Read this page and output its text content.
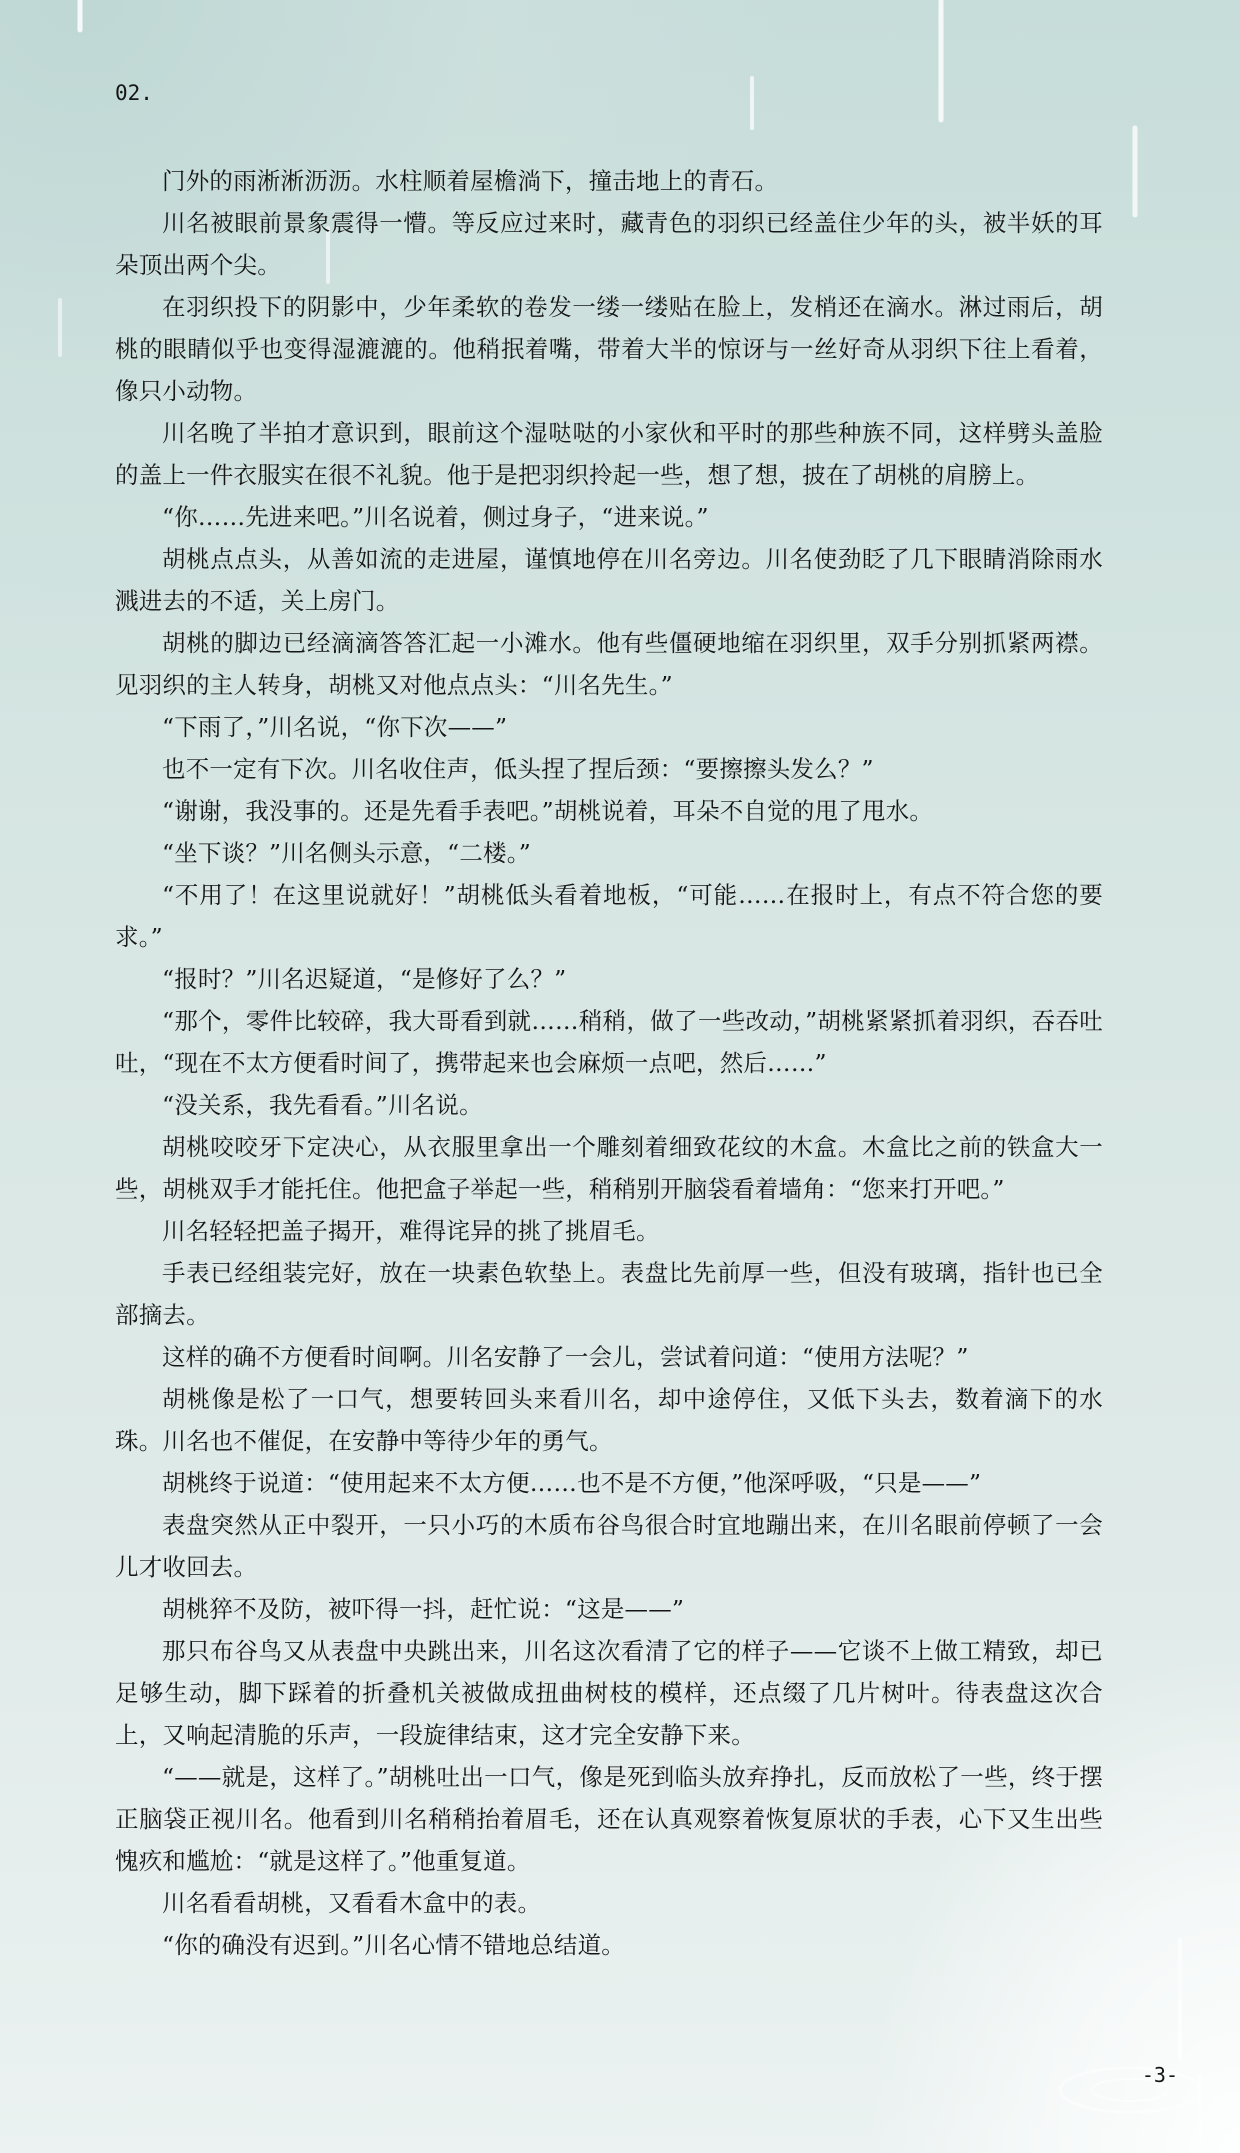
02.

门外的雨淅淅沥沥。水柱顺着屋檐淌下，撞击地上的青石。

川名被眼前景象震得一懵。等反应过来时，藏青色的羽织已经盖住少年的头，被半妖的耳朵顶出两个尖。

在羽织投下的阴影中，少年柔软的卷发一缕一缕贴在脸上，发梢还在滴水。淋过雨后，胡桃的眼睛似乎也变得湿漉漉的。他稍抿着嘴，带着大半的惊讶与一丝好奇从羽织下往上看着，像只小动物。

川名晚了半拍才意识到，眼前这个湿哒哒的小家伙和平时的那些种族不同，这样劈头盖脸的盖上一件衣服实在很不礼貌。他于是把羽织拎起一些，想了想，披在了胡桃的肩膀上。

“你……先进来吧。”川名说着，侧过身子，“进来说。”

胡桃点点头，从善如流的走进屋，谨慎地停在川名旁边。川名使劲眨了几下眼睛消除雨水溅进去的不适，关上房门。

胡桃的脚边已经滴滴答答汇起一小滩水。他有些僵硬地缩在羽织里，双手分别抓紧两襟。见羽织的主人转身，胡桃又对他点点头：“川名先生。”

“下雨了，”川名说，“你下次——”

也不一定有下次。川名收住声，低头捏了捏后颈：“要擦擦头发么？”

“谢谢，我没事的。还是先看手表吧。”胡桃说着，耳朵不自觉的甩了甩水。

“坐下谈？”川名侧头示意，“二楼。”

“不用了！在这里说就好！”胡桃低头看着地板，“可能……在报时上，有点不符合您的要求。”

“报时？”川名迟疑道，“是修好了么？”

“那个，零件比较碎，我大哥看到就……稍稍，做了一些改动，”胡桃紧紧抓着羽织，吞吞吐吐，“现在不太方便看时间了，携带起来也会麻烦一点吧，然后……”

“没关系，我先看看。”川名说。

胡桃咬咬牙下定决心，从衣服里拿出一个雕刻着细致花纹的木盒。木盒比之前的铁盒大一些，胡桃双手才能托住。他把盒子举起一些，稍稍别开脑袋看着墙角：“您来打开吧。”

川名轻轻把盖子揭开，难得诧异的挑了挑眉毛。

手表已经组装完好，放在一块素色软垫上。表盘比先前厚一些，但没有玻璃，指针也已全部摘去。

这样的确不方便看时间啊。川名安静了一会儿，尝试着问道：“使用方法呢？”

胡桃像是松了一口气，想要转回头来看川名，却中途停住，又低下头去，数着滴下的水珠。川名也不催促，在安静中等待少年的勇气。

胡桃终于说道：“使用起来不太方便……也不是不方便，”他深呼吸，“只是——”

表盘突然从正中裂开，一只小巧的木质布谷鸟很合时宜地蹦出来，在川名眼前停顿了一会儿才收回去。

胡桃猝不及防，被吓得一抖，赶忙说：“这是——”

那只布谷鸟又从表盘中央跳出来，川名这次看清了它的样子——它谈不上做工精致，却已足够生动，脚下踩着的折叠机关被做成扭曲树枝的模样，还点缀了几片树叶。待表盘这次合上，又响起清脆的乐声，一段旋律结束，这才完全安静下来。

“——就是，这样了。”胡桃吐出一口气，像是死到临头放弃挣扎，反而放松了一些，终于摆正脑袋正视川名。他看到川名稍稍抬着眉毛，还在认真观察着恢复原状的手表，心下又生出些愧疚和尴尬：“就是这样了。”他重复道。

川名看看胡桃，又看看木盒中的表。

“你的确没有迟到。”川名心情不错地总结道。

-3-
